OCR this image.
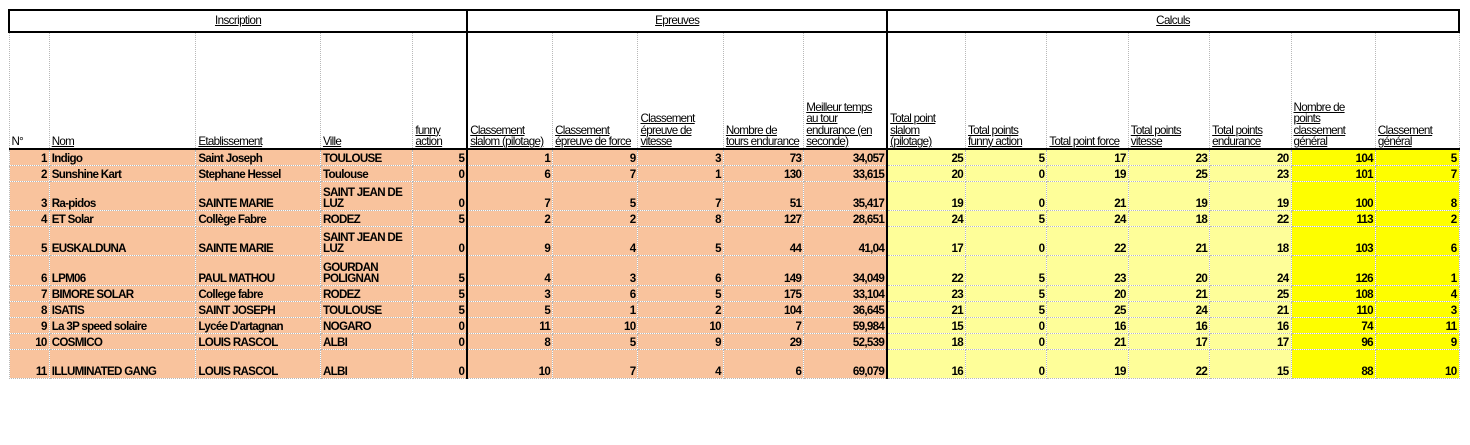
Inscription					Epreuves					Calculs						
N°	Nom	Etablissement	Ville	funny action	Classement slalom (pilotage)	Classement épreuve de force	Classement épreuve de vitesse	Nombre de tours endurance	Meilleur temps au tour endurance (en seconde)	Total point slalom (pilotage)	Total points funny action	Total point force	Total points vitesse	Total points endurance	Nombre de points classement général	Classement général
1	Indigo	Saint Joseph	TOULOUSE	5	1	9	3	73	34,057	25	5	17	23	20	104	5
2	Sunshine Kart	Stephane Hessel	Toulouse	0	6	7	1	130	33,615	20	0	19	25	23	101	7
3	Ra-pidos	SAINTE MARIE	SAINT JEAN DE LUZ	0	7	5	7	51	35,417	19	0	21	19	19	100	8
4	ET Solar	Collège Fabre	RODEZ	5	2	2	8	127	28,651	24	5	24	18	22	113	2
5	EUSKALDUNA	SAINTE MARIE	SAINT JEAN DE LUZ	0	9	4	5	44	41,04	17	0	22	21	18	103	6
6	LPM06	PAUL MATHOU	GOURDAN POLIGNAN	5	4	3	6	149	34,049	22	5	23	20	24	126	1
7	BIMORE SOLAR	College fabre	RODEZ	5	3	6	5	175	33,104	23	5	20	21	25	108	4
8	ISATIS	SAINT JOSEPH	TOULOUSE	5	5	1	2	104	36,645	21	5	25	24	21	110	3
9	La 3P speed solaire	Lycée D'artagnan	NOGARO	0	11	10	10	7	59,984	15	0	16	16	16	74	11
10	COSMICO	LOUIS RASCOL	ALBI	0	8	5	9	29	52,539	18	0	21	17	17	96	9
11	ILLUMINATED GANG	LOUIS RASCOL	ALBI	0	10	7	4	6	69,079	16	0	19	22	15	88	10
